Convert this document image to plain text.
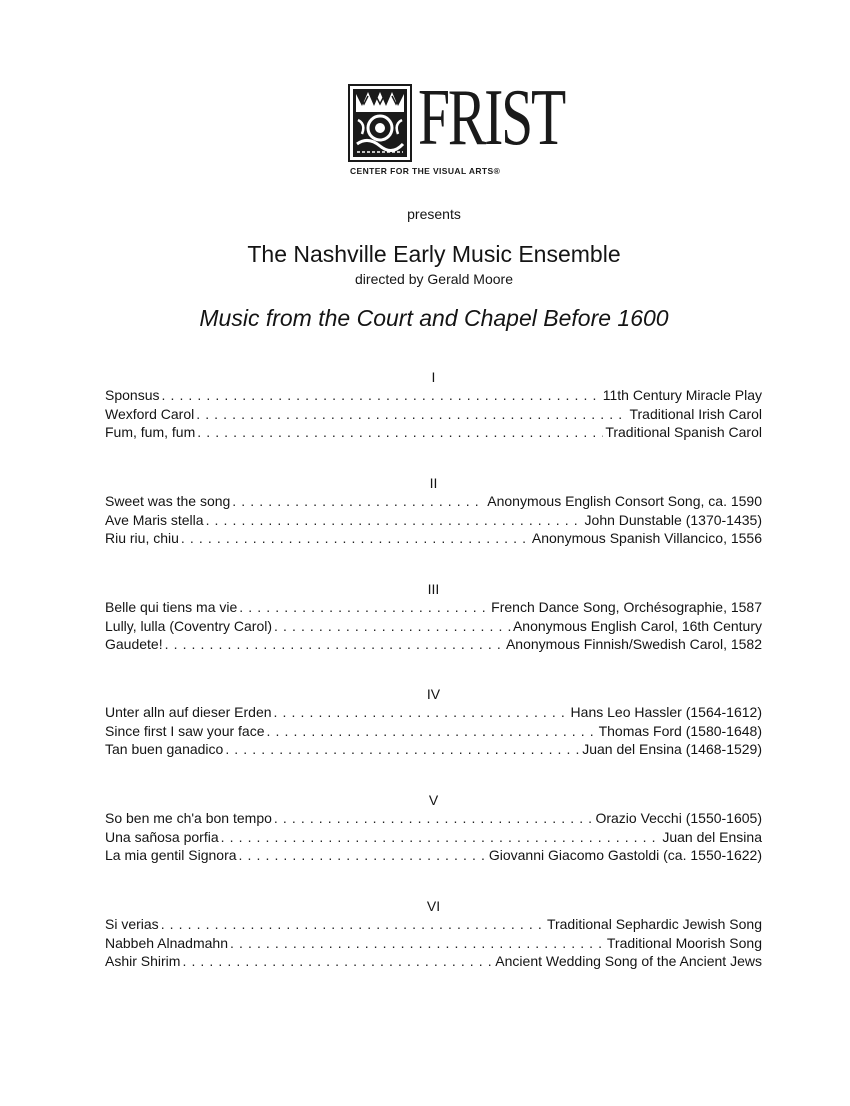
FRIST
CENTER FOR THE VISUAL ARTS®
presents
The Nashville Early Music Ensemble
directed by Gerald Moore
Music from the Court and Chapel Before 1600
I
Sponsus . . .	11th Century Miracle Play
Wexford Carol . . .	Traditional Irish Carol
Fum, fum, fum . . .	Traditional Spanish Carol
II
Sweet was the song . . .	Anonymous English Consort Song, ca. 1590
Ave Maris stella . . .	John Dunstable (1370-1435)
Riu riu, chiu . . .	Anonymous Spanish Villancico, 1556
III
Belle qui tiens ma vie . . .	French Dance Song, Orchésographie, 1587
Lully, lulla (Coventry Carol) . . .	Anonymous English Carol, 16th Century
Gaudete! . . .	Anonymous Finnish/Swedish Carol, 1582
IV
Unter alln auf dieser Erden . . .	Hans Leo Hassler (1564-1612)
Since first I saw your face . . .	Thomas Ford (1580-1648)
Tan buen ganadico . . .	Juan del Ensina (1468-1529)
V
So ben me ch'a bon tempo . . .	Orazio Vecchi (1550-1605)
Una sañosa porfia . . .	Juan del Ensina
La mia gentil Signora . . .	Giovanni Giacomo Gastoldi (ca. 1550-1622)
VI
Si verias . . .	Traditional Sephardic Jewish Song
Nabbeh Alnadmahn . . .	Traditional Moorish Song
Ashir Shirim . . .	Ancient Wedding Song of the Ancient Jews
